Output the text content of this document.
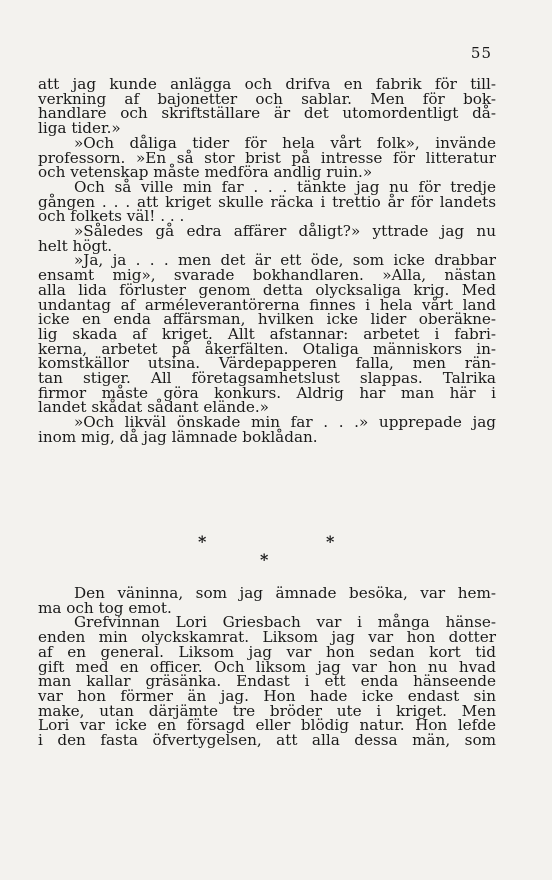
55
att jag kunde anlägga och drifva en fabrik för till-
verkning af bajonetter och sablar. Men för bok-
handlare och skriftställare är det utomordentligt då-
liga tider.»
»Och dåliga tider för hela vårt folk», invände
professorn. »En så stor brist på intresse för litteratur
och vetenskap måste medföra andlig ruin.»
Och så ville min far . . . tänkte jag nu för tredje
gången . . . att kriget skulle räcka i trettio år för landets
och folkets väl! . . .
»Således gå edra affärer dåligt?» yttrade jag nu
helt högt.
»Ja, ja . . . men det är ett öde, som icke drabbar
ensamt mig», svarade bokhandlaren. »Alla, nästan
alla lida förluster genom detta olycksaliga krig. Med
undantag af arméleverantörerna finnes i hela vårt land
icke en enda affärsman, hvilken icke lider oberäkne-
lig skada af kriget. Allt afstannar: arbetet i fabri-
kerna, arbetet på åkerfälten. Otaliga människors in-
komstkällor utsina. Värdepapperen falla, men rän-
tan stiger. All företagsamhetslust slappas. Talrika
firmor måste göra konkurs. Aldrig har man här i
landet skådat sådant elände.»
»Och likväl önskade min far . . .» upprepade jag
inom mig, då jag lämnade boklådan.
*	*
*
Den väninna, som jag ämnade besöka, var hem-
ma och tog emot.
Grefvinnan Lori Griesbach var i många hänse-
enden min olyckskamrat. Liksom jag var hon dotter
af en general. Liksom jag var hon sedan kort tid
gift med en officer. Och liksom jag var hon nu hvad
man kallar gräsänka. Endast i ett enda hänseende
var hon förmer än jag. Hon hade icke endast sin
make, utan därjämte tre bröder ute i kriget. Men
Lori var icke en försagd eller blödig natur. Hon lefde
i den fasta öfvertygelsen, att alla dessa män, som
